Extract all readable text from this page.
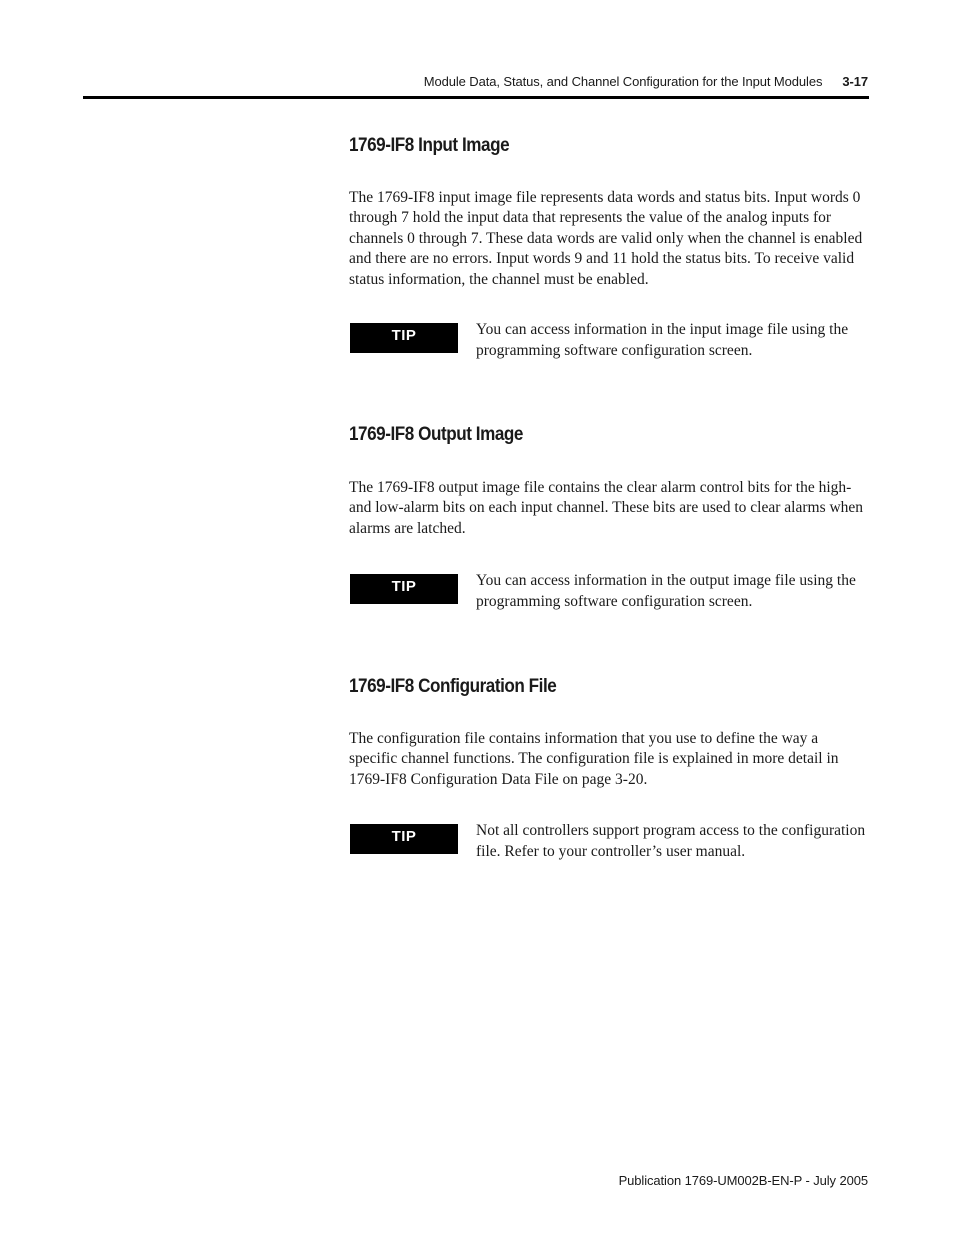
Module Data, Status, and Channel Configuration for the Input Modules 3-17
1769-IF8 Input Image

The 1769-IF8 input image file represents data words and status bits. Input words 0 through 7 hold the input data that represents the value of the analog inputs for channels 0 through 7. These data words are valid only when the channel is enabled and there are no errors. Input words 9 and 11 hold the status bits. To receive valid status information, the channel must be enabled.

TIP	You can access information in the input image file using the programming software configuration screen.

1769-IF8 Output Image

The 1769-IF8 output image file contains the clear alarm control bits for the high- and low-alarm bits on each input channel. These bits are used to clear alarms when alarms are latched.

TIP	You can access information in the output image file using the programming software configuration screen.

1769-IF8 Configuration File

The configuration file contains information that you use to define the way a specific channel functions. The configuration file is explained in more detail in 1769-IF8 Configuration Data File on page 3-20.

TIP	Not all controllers support program access to the configuration file. Refer to your controller’s user manual.

Publication 1769-UM002B-EN-P - July 2005
